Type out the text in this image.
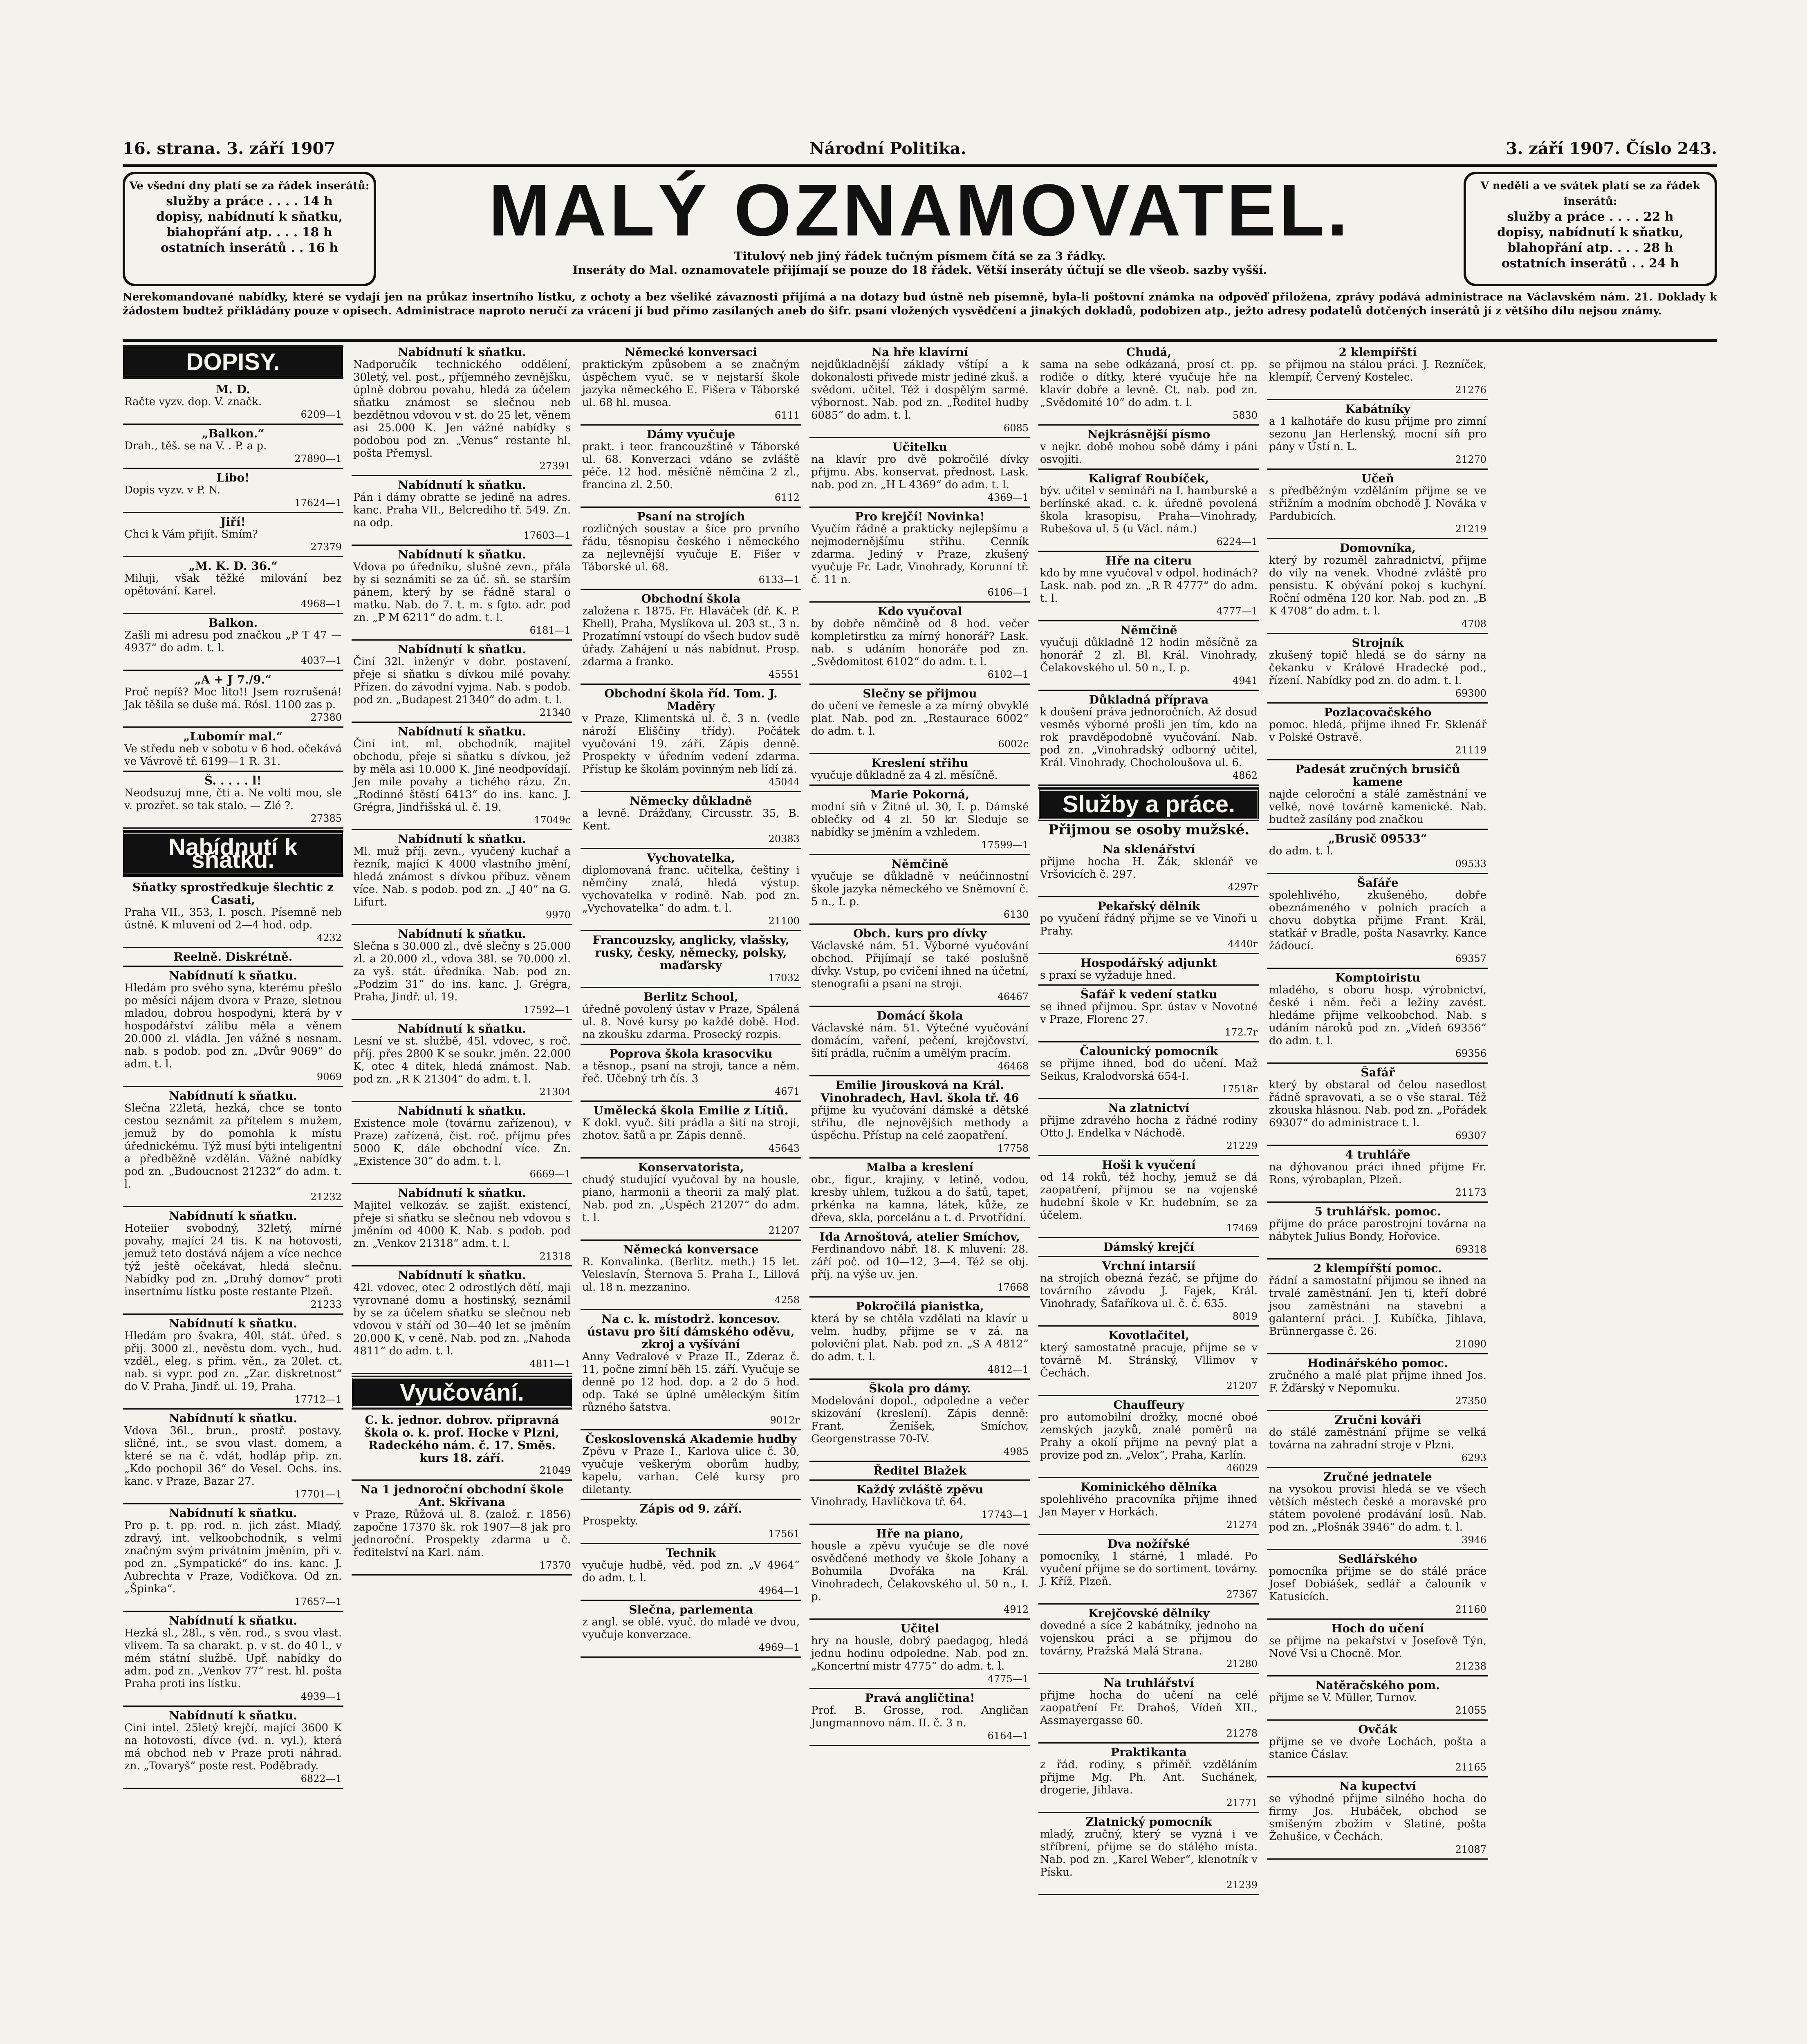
16. strana. 3. září 1907	Národní Politika.	3. září 1907. Číslo 243.
Ve všední dny platí se za řádek inserátů:
služby a práce . . . . 14 h
dopisy, nabídnutí k sňatku,
biahopřání atp. . . . 18 h
ostatních inserátů . . 16 h	MALÝ OZNAMOVATEL.
Titulový neb jiný řádek tučným písmem čítá se za 3 řádky.
Inseráty do Mal. oznamovatele přijímají se pouze do 18 řádek. Větší inseráty účtují se dle všeob. sazby vyšší.
V neděli a ve svátek platí se za řádek inserátů:
služby a práce . . . . 22 h
dopisy, nabídnutí k sňatku,
blahopřání atp. . . . 28 h
ostatních inserátů . . 24 h
Nerekomandované nabídky, které se vydají jen na průkaz insertního lístku, z ochoty a bez všeliké závaznosti přijímá a na dotazy bud ústně neb písemně, byla-li poštovní známka na odpověď přiložena, zprávy podává administrace na Václavském nám. 21. Doklady k žádostem budtež přikládány pouze v opisech. Administrace naproto neručí za vrácení jí bud přímo zasílaných aneb do šifr. psaní vložených vysvědčení a jinakých dokladů, podobizen atp., ježto adresy podatelů dotčených inserátů jí z většího dílu nejsou známy.
DOPISY.
M. D.
Račte vyzv. dop. V. značk.
6209—1
„Balkon.“
Drah., těš. se na V. . P. a p.
27890—1
Libo!
Dopis vyzv. v P. N.
17624—1
Jiří!
Chci k Vám přijít. Smím?
27379
„M. K. D. 36.“
Miluji, však těžké milování bez opětování. Karel.
4968—1
Balkon.
Zašli mi adresu pod značkou „P T 47 — 4937“ do adm. t. l.
4037—1
„A + J 7./9.“
Proč nepíš? Moc lito!! Jsem rozrušená! Jak těšila se duše má. Rósl. 1100 zas p.
27380
„Lubomír mal.“
Ve středu neb v sobotu v 6 hod. očekává ve Vávrově tř. 6199—1 R. 31.
Š. . . . . l!
Neodsuzuj mne, čti a. Ne volti mou, sle v. prozřet. se tak stalo. — Zlé ?.
27385
Nabídnutí k sňatku.
Sňatky sprostředkuje šlechtic z Casati,
Praha VII., 353, I. posch. Písemně neb ústně. K mluvení od 2—4 hod. odp.
4232
Reelně. Diskrétně.
Nabídnutí k sňatku.
Hledám pro svého syna, kterému přešlo po měsíci nájem dvora v Praze, sletnou mladou, dobrou hospodyni, která by v hospodářství zálibu měla a věnem 20.000 zl. vládla. Jen vážné s nesnam. nab. s podob. pod zn. „Dvůr 9069“ do adm. t. l.
9069
Nabídnutí k sňatku.
Slečna 22letá, hezká, chce se tonto cestou seznámit za přítelem s mužem, jemuž by do pomohla k místu úřednickému. Týž musí býti inteligentní a předběžně vzdělán. Vážné nabídky pod zn. „Budoucnost 21232“ do adm. t. l.
21232
Nabídnutí k sňatku.
Hoteiier svobodný, 32letý, mírné povahy, mající 24 tis. K na hotovosti, jemuž teto dostává nájem a více nechce týž ještě očekávat, hledá slečnu. Nabídky pod zn. „Druhý domov“ proti insertnímu lístku poste restante Plzeň.
21233
Nabídnutí k sňatku.
Hledám pro švakra, 40l. stát. úřed. s přij. 3000 zl., nevěstu dom. vych., hud. vzděl., eleg. s přim. věn., za 20let. ct. nab. si vypr. pod zn. „Zar. diskretnost“ do V. Praha, Jindř. ul. 19, Praha.
17712—1
Nabídnutí k sňatku.
Vdova 36l., brun., prostř. postavy, sličné, int., se svou vlast. domem, a které se na č. vdát, hodláp přip. zn. „Kdo pochopil 36“ do Vesel. Ochs. ins. kanc. v Praze, Bazar 27.
17701—1
Nabídnutí k sňatku.
Pro p. t. pp. rod. n. jich zást. Mladý, zdravý, int. velkoobchodník, s velmi značným svým privátním jměním, při v. pod zn. „Sympatické“ do ins. kanc. J. Aubrechta v Praze, Vodičkova. Od zn. „Špinka“.
17657—1
Nabídnutí k sňatku.
Hezká sl., 28l., s věn. rod., s svou vlast. vlivem. Ta sa charakt. p. v st. do 40 l., v mém státní službě. Upř. nabídky do adm. pod zn. „Venkov 77“ rest. hl. pošta Praha proti ins lístku.
4939—1
Nabídnutí k sňatku.
Cini intel. 25letý krejčí, mající 3600 K na hotovosti, dívce (vd. n. vyl.), která má obchod neb v Praze proti náhrad. zn. „Tovaryš“ poste rest. Poděbrady.
6822—1
Nabídnutí k sňatku.
Nadporučík technického oddělení, 30letý, vel. post., příjemného zevnějšku, úplně dobrou povahu, hledá za účelem sňatku známost se slečnou neb bezdětnou vdovou v st. do 25 let, věnem asi 25.000 K. Jen vážné nabídky s podobou pod zn. „Venus“ restante hl. pošta Přemysl.
27391
Nabídnutí k sňatku.
Pán i dámy obratte se jedině na adres. kanc. Praha VII., Belcrediho tř. 549. Zn. na odp.
17603—1
Nabídnutí k sňatku.
Vdova po úředníku, slušné zevn., přála by si seznámiti se za úč. sň. se starším pánem, který by se řádně staral o matku. Nab. do 7. t. m. s fgto. adr. pod zn. „P M 6211“ do adm. t. l.
6181—1
Nabídnutí k sňatku.
Činí 32l. inženýr v dobr. postavení, přeje si sňatku s dívkou milé povahy. Přízen. do závodní vyjma. Nab. s podob. pod zn. „Budapest 21340“ do adm. t. l.
21340
Nabídnutí k sňatku.
Činí int. ml. obchodník, majitel obchodu, přeje si sňatku s dívkou, jež by měla asi 10.000 K. Jiné neodpovídají. Jen mile povahy a tichého rázu. Zn. „Rodinné štěstí 6413“ do ins. kanc. J. Grégra, Jindřišská ul. č. 19.
17049c
Nabídnutí k sňatku.
Ml. muž příj. zevn., vyučený kuchař a řezník, mající K 4000 vlastního jmění, hledá známost s dívkou příbuz. věnem více. Nab. s podob. pod zn. „J 40“ na G. Lifurt.
9970
Nabídnutí k sňatku.
Slečna s 30.000 zl., dvě slečny s 25.000 zl. a 20.000 zl., vdova 38l. se 70.000 zl. za vyš. stát. úředníka. Nab. pod zn. „Podzim 31“ do ins. kanc. J. Grégra, Praha, Jindř. ul. 19.
17592—1
Nabídnutí k sňatku.
Lesní ve st. službě, 45l. vdovec, s roč. příj. přes 2800 K se soukr. jměn. 22.000 K, otec 4 ditek, hledá známost. Nab. pod zn. „R K 21304“ do adm. t. l.
21304
Nabídnutí k sňatku.
Existence mole (továrnu zařízenou), v Praze) zařízená, čist. roč. příjmu přes 5000 K, dále obchodní více. Zn. „Existence 30“ do adm. t. l.
6669—1
Nabídnutí k sňatku.
Majitel velkozáv. se zajišt. existencí, přeje si sňatku se slečnou neb vdovou s jměním od 4000 K. Nab. s podob. pod zn. „Venkov 21318“ adm. t. l.
21318
Nabídnutí k sňatku.
42l. vdovec, otec 2 odrostlých dětí, maji vyrovnané domu a hostinský, seznámil by se za účelem sňatku se slečnou neb vdovou v stáří od 30—40 let se jměním 20.000 K, v ceně. Nab. pod zn. „Nahoda 4811“ do adm. t. l.
4811—1
Vyučování.
C. k. jednor. dobrov. připravná škola o. k. prof. Hocke v Plzni, Radeckého nám. č. 17. Směs. kurs 18. září.
21049
Na 1 jednoroční obchodní škole Ant. Skřivana
v Praze, Růžová ul. 8. (založ. r. 1856) započne 17370 šk. rok 1907—8 jak pro jednoroční. Prospekty zdarma u č. ředitelství na Karl. nám.
17370
Německé konversaci
praktickým způsobem a se značným úspěchem vyuč. se v nejstarší škole jazyka německého E. Fišera v Táborské ul. 68 hl. musea.
6111
Dámy vyučuje
prakt. i teor. francouzštině v Táborské ul. 68. Konverzaci vdáno se zvláště péče. 12 hod. měsíčně němčina 2 zl., francina zl. 2.50.
6112
Psaní na strojích
rozličných soustav a šíce pro prvního řádu, těsnopisu českého i německého za nejlevnější vyučuje E. Fišer v Táborské ul. 68.
6133—1
Obchodní škola
založena r. 1875. Fr. Hlaváček (dř. K. P. Khell), Praha, Myslíkova ul. 203 st., 3 n. Prozatímní vstoupí do všech budov sudě úřady. Zahájení u nás nabídnut. Prosp. zdarma a franko.
45551
Obchodní škola říd. Tom. J. Maděry
v Praze, Klimentská ul. č. 3 n. (vedle nároží Eliščiny třídy). Počátek vyučování 19. září. Zápis denně. Prospekty v úředním vedení zdarma. Přístup ke školám povinným neb lídí zá.
45044
Německy důkladně
a levně. Drážďany, Circusstr. 35, B. Kent.
20383
Vychovatelka,
diplomovaná franc. učitelka, češtiny i němčiny znalá, hledá výstup. vychovatelka v rodině. Nab. pod zn. „Vychovatelka“ do adm. t. l.
21100
Francouzsky, anglicky, vlašsky, rusky, česky, německy, polsky, maďarsky
17032
Berlitz School,
úředně povolený ústav v Praze, Spálená ul. 8. Nové kursy po každé době. Hod. na zkoušku zdarma. Prosecký rozpis.
Poprova škola krasocviku
a těsnop., psaní na stroji, tance a něm. řeč. Učebný trh čís. 3
4671
Umělecká škola Emilie z Lítiů.
K dokl. vyuč. šití prádla a šití na stroji, zhotov. šatů a pr. Zápis denně.
45643
Konservatorista,
chudý studující vyučoval by na housle, piano, harmonii a theorii za malý plat. Nab. pod zn. „Úspěch 21207“ do adm. t. l.
21207
Německá konversace
R. Konvalinka. (Berlitz. meth.) 15 let. Veleslavín, Šternova 5. Praha I., Lillová ul. 18 n. mezzanino.
4258
Na c. k. místodrž. koncesov. ústavu pro šití dámského oděvu, zkroj a vyšívání
Anny Vedralové v Praze II., Zderaz č. 11, počne zimní běh 15. září. Vyučuje se denně po 12 hod. dop. a 2 do 5 hod. odp. Také se úplné uměleckým šitím různého šatstva.
9012r
Československá Akademie hudby
Zpěvu v Praze I., Karlova ulice č. 30, vyučuje veškerým oborům hudby, kapelu, varhan. Celé kursy pro diletanty.
Zápis od 9. září.
Prospekty.
17561
Technik
vyučuje hudbě, věd. pod zn. „V 4964“ do adm. t. l.
4964—1
Slečna, parlementa
z angl. se oblé. vyuč. do mladé ve dvou, vyučuje konverzace.
4969—1
Na hře klavírní
nejdůkladnější základy vštípí a k dokonalosti přivede mistr jediné zkuš. a svědom. učitel. Též i dospělým sarmé. výbornost. Nab. pod zn. „Ředitel hudby 6085“ do adm. t. l.
6085
Učitelku
na klavír pro dvě pokročilé dívky přijmu. Abs. konservat. přednost. Lask. nab. pod zn. „H L 4369“ do adm. t. l.
4369—1
Pro krejčí! Novinka!
Vyučím řádně a prakticky nejlepšímu a nejmodernějšímu střihu. Cenník zdarma. Jediný v Praze, zkušený vyučuje Fr. Ladr, Vinohrady, Korunní tř. č. 11 n.
6106—1
Kdo vyučoval
by dobře němčině od 8 hod. večer kompletirstku za mírný honorář? Lask. nab. s udáním honoráře pod zn. „Svědomitost 6102“ do adm. t. l.
6102—1
Slečny se přijmou
do učení ve řemesle a za mírný obvyklé plat. Nab. pod zn. „Restaurace 6002“ do adm. t. l.
6002c
Kreslení střihu
vyučuje důkladně za 4 zl. měsíčně.
Marie Pokorná,
modní síň v Žitné ul. 30, I. p. Dámské oblečky od 4 zl. 50 kr. Sleduje se nabídky se jměním a vzhledem.
17599—1
Němčině
vyučuje se důkladně v neúčinnostní škole jazyka německého ve Sněmovní č. 5 n., I. p.
6130
Obch. kurs pro dívky
Václavské nám. 51. Výborné vyučování obchod. Přijímají se také poslušně dívky. Vstup, po cvičení ihned na účetní, stenografii a psaní na stroji.
46467
Domácí škola
Václavské nám. 51. Výtečné vyučování domácím, vaření, pečení, krejčovství, šití prádla, ručním a umělým pracím.
46468
Emilie Jirousková na Král. Vinohradech, Havl. škola tř. 46
přijme ku vyučování dámské a dětské střihu, dle nejnovějších methody a úspěchu. Přístup na celé zaopatření.
17758
Malba a kreslení
obr., figur., krajiny, v letině, vodou, kresby uhlem, tužkou a do šatů, tapet, prkénka na kamna, látek, kůže, ze dřeva, skla, porcelánu a t. d. Prvotřídní.
Ida Arnoštová, atelier Smíchov,
Ferdinandovo nábř. 18. K mluvení: 28. září poč. od 10—12, 3—4. Též se obj. příj. na výše uv. jen.
17668
Pokročilá pianistka,
která by se chtěla vzdělati na klavír u velm. hudby, přijme se v zá. na poloviční plat. Nab. pod zn. „S A 4812“ do adm. t. l.
4812—1
Škola pro dámy.
Modelování dopol., odpoledne a večer skizování (kreslení). Zápis denně: Frant. Ženíšek, Smíchov, Georgenstrasse 70-IV.
4985
Ředitel Blažek
Každý zvláště zpěvu
Vinohrady, Havlíčkova tř. 64.
17743—1
Hře na piano,
housle a zpěvu vyučuje se dle nové osvědčené methody ve škole Johany a Bohumila Dvořáka na Král. Vinohradech, Čelakovského ul. 50 n., I. p.
4912
Učitel
hry na housle, dobrý paedagog, hledá jednu hodinu odpoledne. Nab. pod zn. „Koncertní mistr 4775“ do adm. t. l.
4775—1
Pravá angličtina!
Prof. B. Grosse, rod. Angličan Jungmannovo nám. II. č. 3 n.
6164—1
Chudá,
sama na sebe odkázaná, prosí ct. pp. rodiče o dítky, které vyučuje hře na klavír dobře a levně. Ct. nab. pod zn. „Svědomité 10“ do adm. t. l.
5830
Nejkrásnější písmo
v nejkr. době mohou sobě dámy i páni osvojiti.
Kaligraf Roubíček,
býv. učitel v semináři na I. hamburské a berlínské akad. c. k. úředně povolená škola krasopisu, Praha—Vinohrady, Rubešova ul. 5 (u Václ. nám.)
6224—1
Hře na citeru
kdo by mne vyučoval v odpol. hodinách? Lask. nab. pod zn. „R R 4777“ do adm. t. l.
4777—1
Němčině
vyučuji důkladně 12 hodin měsíčně za honorář 2 zl. Bl. Král. Vinohrady, Čelakovského ul. 50 n., I. p.
4941
Důkladná příprava
k doušení práva jednoročních. Až dosud vesměs výborné prošli jen tím, kdo na rok pravděpodobně vyučování. Nab. pod zn. „Vinohradský odborný učitel, Král. Vinohrady, Chocholoušova ul. 6.
4862
Služby a práce.
Přijmou se osoby mužské.
Na sklenářství
přijme hocha H. Žák, sklenář ve Vršovicích č. 297.
4297r
Pekařský dělník
po vyučení řádný přijme se ve Vinoři u Prahy.
4440r
Hospodářský adjunkt
s praxí se vyžaduje hned.
Šafář k vedení statku
se ihned přijmou. Spr. ústav v Novotné v Praze, Florenc 27.
172.7r
Čalounický pomocník
se přijme ihned, bod do učení. Maž Seikus, Kralodvorská 654-I.
17518r
Na zlatnictví
přijme zdravého hocha z řádné rodiny Otto J. Endelka v Náchodě.
21229
Hoši k vyučení
od 14 roků, též hochy, jemuž se dá zaopatření, přijmou se na vojenské hudební škole v Kr. hudebním, se za účelem.
17469
Dámský krejčí
Vrchní intarsií
na strojích obezná řezáč, se přijme do továrního závodu J. Fajek, Král. Vinohrady, Šafaříkova ul. č. č. 635.
8019
Kovotlačitel,
který samostatně pracuje, přijme se v továrně M. Stránský, Vllimov v Čechách.
21207
Chauffeury
pro automobilní drožky, mocné oboé zemských jazyků, znalé poměrů na Prahy a okolí přijme na pevný plat a provize pod zn. „Velox“, Praha, Karlín.
46029
Kominického dělníka
spolehlivého pracovníka přijme ihned Jan Mayer v Horkách.
21274
Dva nožířské
pomocníky, 1 stárné, 1 mladé. Po vyučení přijme se do sortiment. továrny. J. Kříž, Plzeň.
27367
Krejčovské dělníky
dovedné a síce 2 kabátníky, jednoho na vojenskou práci a se přijmou do továrny, Pražská Malá Strana.
21280
Na truhlářství
přijme hocha do učení na celé zaopatření Fr. Drahoš, Vídeň XII., Assmayergasse 60.
21278
Praktikanta
z řád. rodiny, s přiměř. vzděláním přijme Mg. Ph. Ant. Suchánek, drogerie, Jihlava.
21771
Zlatnický pomocník
mladý, zručný, který se vyzná i ve stříbrení, přijme se do stálého místa. Nab. pod zn. „Karel Weber“, klenotník v Písku.
21239
2 klempířští
se přijmou na stálou práci. J. Rezníček, klempíř, Červený Kostelec.
21276
Kabátníky
a 1 kalhotáře do kusu přijme pro zimní sezonu Jan Herlenský, mocní síň pro pány v Ústí n. L.
21270
Učeň
s předběžným vzděláním přijme se ve střižním a modním obchodě J. Nováka v Pardubicích.
21219
Domovníka,
který by rozuměl zahradnictví, přijme do vily na venek. Vhodné zvláště pro pensistu. K obývání pokoj s kuchyní. Roční odměna 120 kor. Nab. pod zn. „B K 4708“ do adm. t. l.
4708
Strojník
zkušený topič hledá se do sárny na čekanku v Králové Hradecké pod., řízení. Nabídky pod zn. do adm. t. l.
69300
Pozlacovačského
pomoc. hledá, přijme ihned Fr. Sklenář v Polské Ostravě.
21119
Padesát zručných brusičů kamene
najde celoroční a stálé zaměstnání ve velké, nové továrně kamenické. Nab. budtež zasílány pod značkou
„Brusič 09533“
do adm. t. l.
09533
Šafáře
spolehlivého, zkušeného, dobře obeznámeného v polních pracích a chovu dobytka přijme Frant. Kräl, statkář v Bradle, pošta Nasavrky. Kance žádoucí.
69357
Komptoiristu
mladého, s oboru hosp. výrobnictví, české i něm. řeči a ležiny zavést. hledáme přijme velkoobchod. Nab. s udáním nároků pod zn. „Vídeň 69356“ do adm. t. l.
69356
Šafář
který by obstaral od čelou nasedlost řádně spravovati, a se o vše staral. Též zkouska hlásnou. Nab. pod zn. „Pořádek 69307“ do administrace t. l.
69307
4 truhláře
na dýhovanou práci ihned přijme Fr. Rons, výrobaplan, Plzeň.
21173
5 truhlářsk. pomoc.
přijme do práce parostrojní továrna na nábytek Julius Bondy, Hořovice.
69318
2 klempířští pomoc.
řádní a samostatní přijmou se ihned na trvalé zaměstnání. Jen ti, kteří dobré jsou zaměstnáni na stavební a galanterní práci. J. Kubíčka, Jihlava, Brünnergasse č. 26.
21090
Hodinářského pomoc.
zručného a malé plat přijme ihned Jos. F. Žďárský v Nepomuku.
27350
Zručni kováři
do stálé zaměstnání přijme se velká továrna na zahradní stroje v Plzni.
6293
Zručné jednatele
na vysokou provisi hledá se ve všech větších městech české a moravské pro státem povolené prodávání losů. Nab. pod zn. „Plošnák 3946“ do adm. t. l.
3946
Sedlářského
pomocníka přijme se do stálé práce Josef Dobiášek, sedlář a čalouník v Katusicích.
21160
Hoch do učení
se přijme na pekařství v Josefově Týn, Nové Vsi u Chocně. Mor.
21238
Natěračského pom.
přijme se V. Müller, Turnov.
21055
Ovčák
přijme se ve dvoře Lochách, pošta a stanice Čáslav.
21165
Na kupectví
se výhodné přijme silného hocha do firmy Jos. Hubáček, obchod se smíšeným zbožím v Slatiné, pošta Žehušice, v Čechách.
21087
